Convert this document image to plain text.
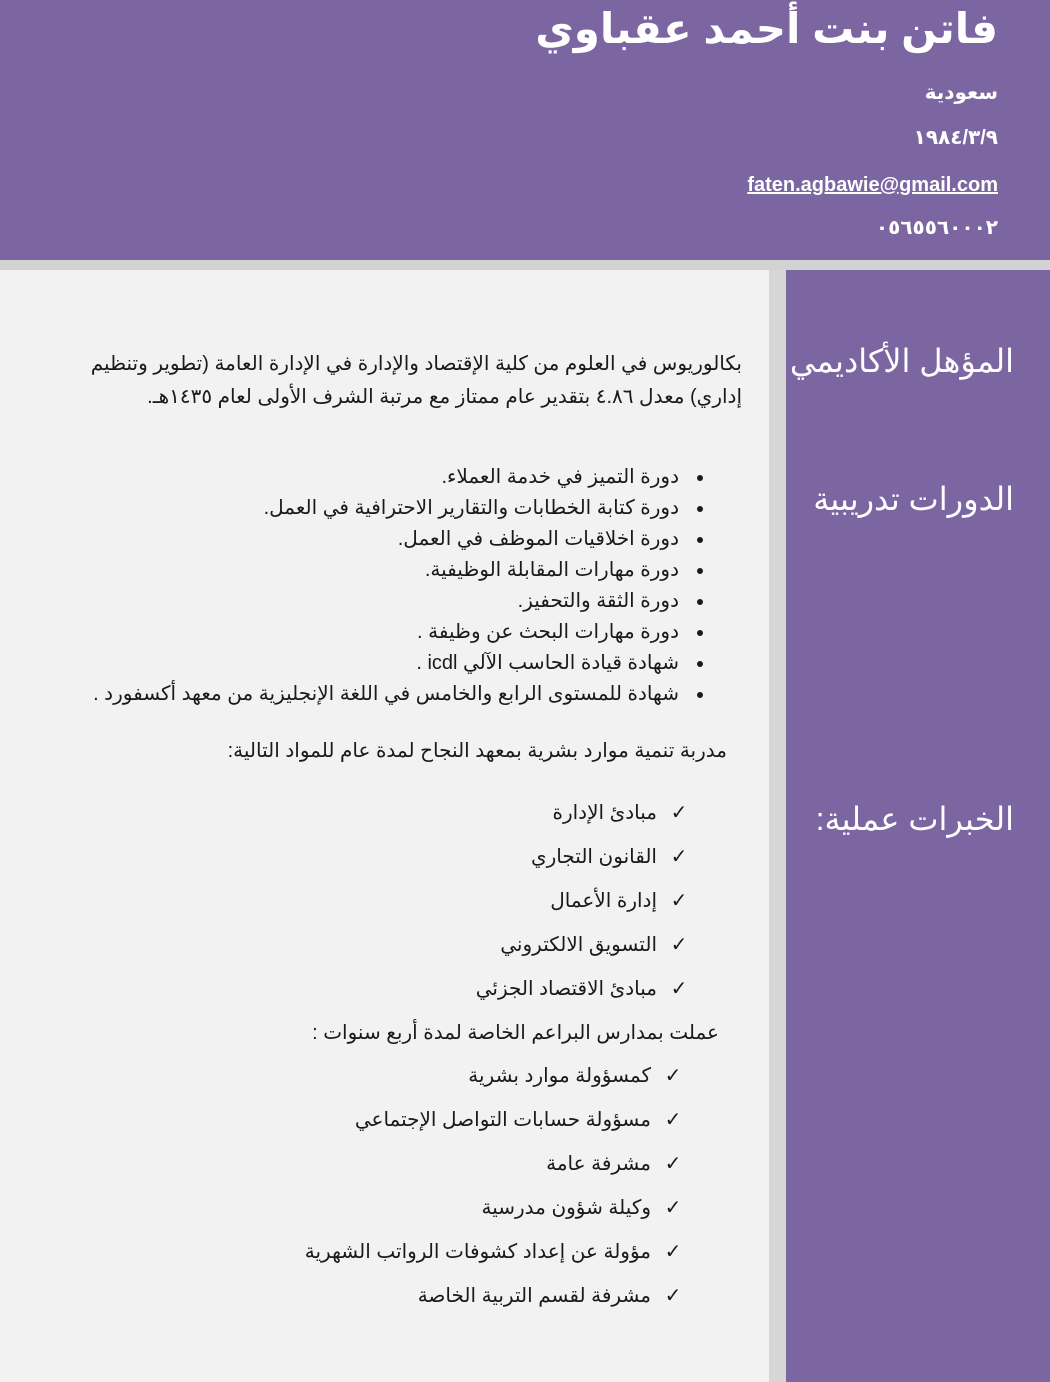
فاتن بنت أحمد عقباوي
سعودية
١٩٨٤/٣/٩
faten.agbawie@gmail.com
٠٥٦٥٥٦٠٠٠٢
المؤهل الأكاديمي
الدورات تدريبية
الخبرات عملية:

بكالوريوس في العلوم من كلية الإقتصاد والإدارة في الإدارة العامة (تطوير وتنظيم
إداري) معدل ٤.٨٦ بتقدير عام ممتاز مع مرتبة الشرف الأولى لعام ١٤٣٥هـ.

• دورة التميز في خدمة العملاء.
• دورة كتابة الخطابات والتقارير الاحترافية في العمل.
• دورة اخلاقيات الموظف في العمل.
• دورة مهارات المقابلة الوظيفية.
• دورة الثقة والتحفيز.
• دورة مهارات البحث عن وظيفة .
• شهادة قيادة الحاسب الآلي icdl .
• شهادة للمستوى الرابع والخامس في اللغة الإنجليزية من معهد أكسفورد .

مدربة تنمية موارد بشرية بمعهد النجاح لمدة عام للمواد التالية:

✓مبادئ الإدارة
✓القانون التجاري
✓إدارة الأعمال
✓التسويق الالكتروني
✓مبادئ الاقتصاد الجزئي

عملت بمدارس البراعم الخاصة لمدة أربع سنوات :

✓كمسؤولة موارد بشرية
✓مسؤولة حسابات التواصل الإجتماعي
✓مشرفة عامة
✓وكيلة شؤون مدرسية
✓مؤولة عن إعداد كشوفات الرواتب الشهرية
✓مشرفة لقسم التربية الخاصة
